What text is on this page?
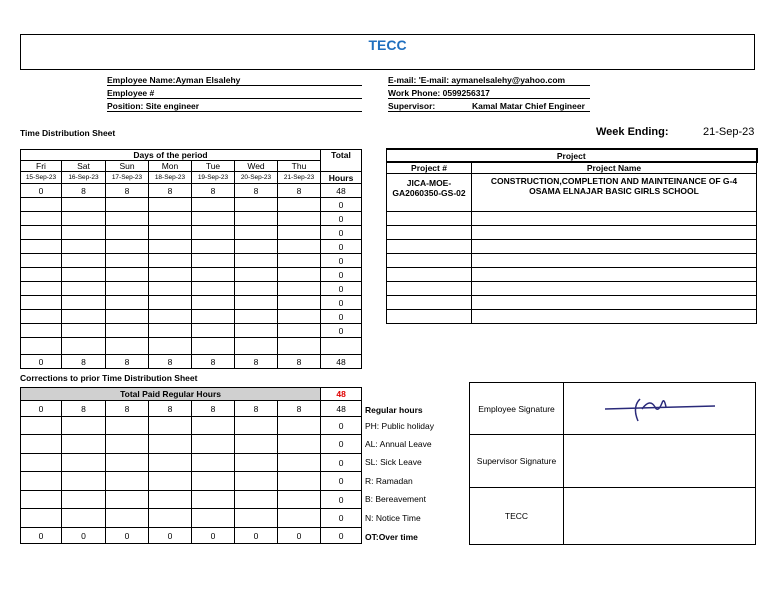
TECC
Employee Name:Ayman Elsalehy
Employee #
Position: Site engineer
E-mail: 'E-mail: aymanelsalehy@yahoo.com
Work Phone: 0599256317
Supervisor:	Kamal Matar Chief Engineer
Time Distribution Sheet	Week Ending:	21-Sep-23
Days of the period							Total
Fri	Sat	Sun	Mon	Tue	Wed	Thu	
15-Sep-23	16-Sep-23	17-Sep-23	18-Sep-23	19-Sep-23	20-Sep-23	21-Sep-23	Hours
0	8	8	8	8	8	8	48
							0
							0
							0
							0
							0
							0
							0
							0
							0
							0

0	8	8	8	8	8	8	48
Project	
Project #	Project Name
JICA-MOE-GA2060350-GS-02	CONSTRUCTION,COMPLETION AND MAINTEINANCE OF G-4 OSAMA ELNAJAR BASIC GIRLS SCHOOL

Corrections to prior Time Distribution Sheet
Total Paid Regular Hours							48
0	8	8	8	8	8	8	48
							0
							0
							0
							0
							0
							0
0	0	0	0	0	0	0	0
Regular hours
PH: Public holiday
AL: Annual Leave
SL: Sick Leave
R: Ramadan
B: Bereavement
N: Notice Time
OT:Over time
Employee Signature	
Supervisor Signature	
TECC	
